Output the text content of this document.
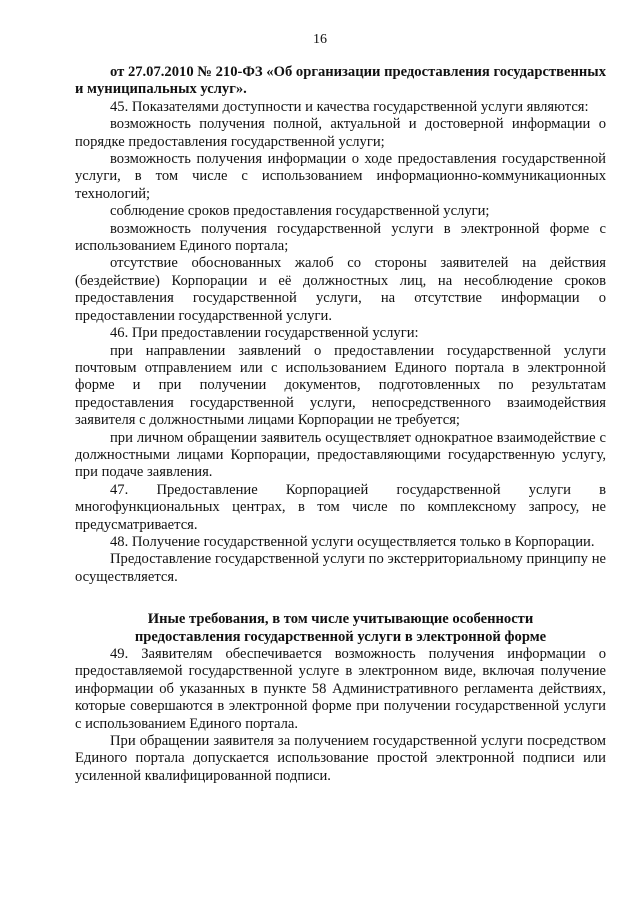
16

от 27.07.2010 № 210-ФЗ «Об организации предоставления государственных и муниципальных услуг».

45. Показателями доступности и качества государственной услуги являются:

возможность получения полной, актуальной и достоверной информации о порядке предоставления государственной услуги;

возможность получения информации о ходе предоставления государственной услуги, в том числе с использованием информационно-коммуникационных технологий;

соблюдение сроков предоставления государственной услуги;

возможность получения государственной услуги в электронной форме с использованием Единого портала;

отсутствие обоснованных жалоб со стороны заявителей на действия (бездействие) Корпорации и её должностных лиц, на несоблюдение сроков предоставления государственной услуги, на отсутствие информации о предоставлении государственной услуги.

46. При предоставлении государственной услуги:

при направлении заявлений о предоставлении государственной услуги почтовым отправлением или с использованием Единого портала в электронной форме и при получении документов, подготовленных по результатам предоставления государственной услуги, непосредственного взаимодействия заявителя с должностными лицами Корпорации не требуется;

при личном обращении заявитель осуществляет однократное взаимодействие с должностными лицами Корпорации, предоставляющими государственную услугу, при подаче заявления.

47. Предоставление Корпорацией государственной услуги в многофункциональных центрах, в том числе по комплексному запросу, не предусматривается.

48. Получение государственной услуги осуществляется только в Корпорации.

Предоставление государственной услуги по экстерриториальному принципу не осуществляется.

Иные требования, в том числе учитывающие особенности
предоставления государственной услуги в электронной форме

49. Заявителям обеспечивается возможность получения информации о предоставляемой государственной услуге в электронном виде, включая получение информации об указанных в пункте 58 Административного регламента действиях, которые совершаются в электронной форме при получении государственной услуги с использованием Единого портала.

При обращении заявителя за получением государственной услуги посредством Единого портала допускается использование простой электронной подписи или усиленной квалифицированной подписи.
